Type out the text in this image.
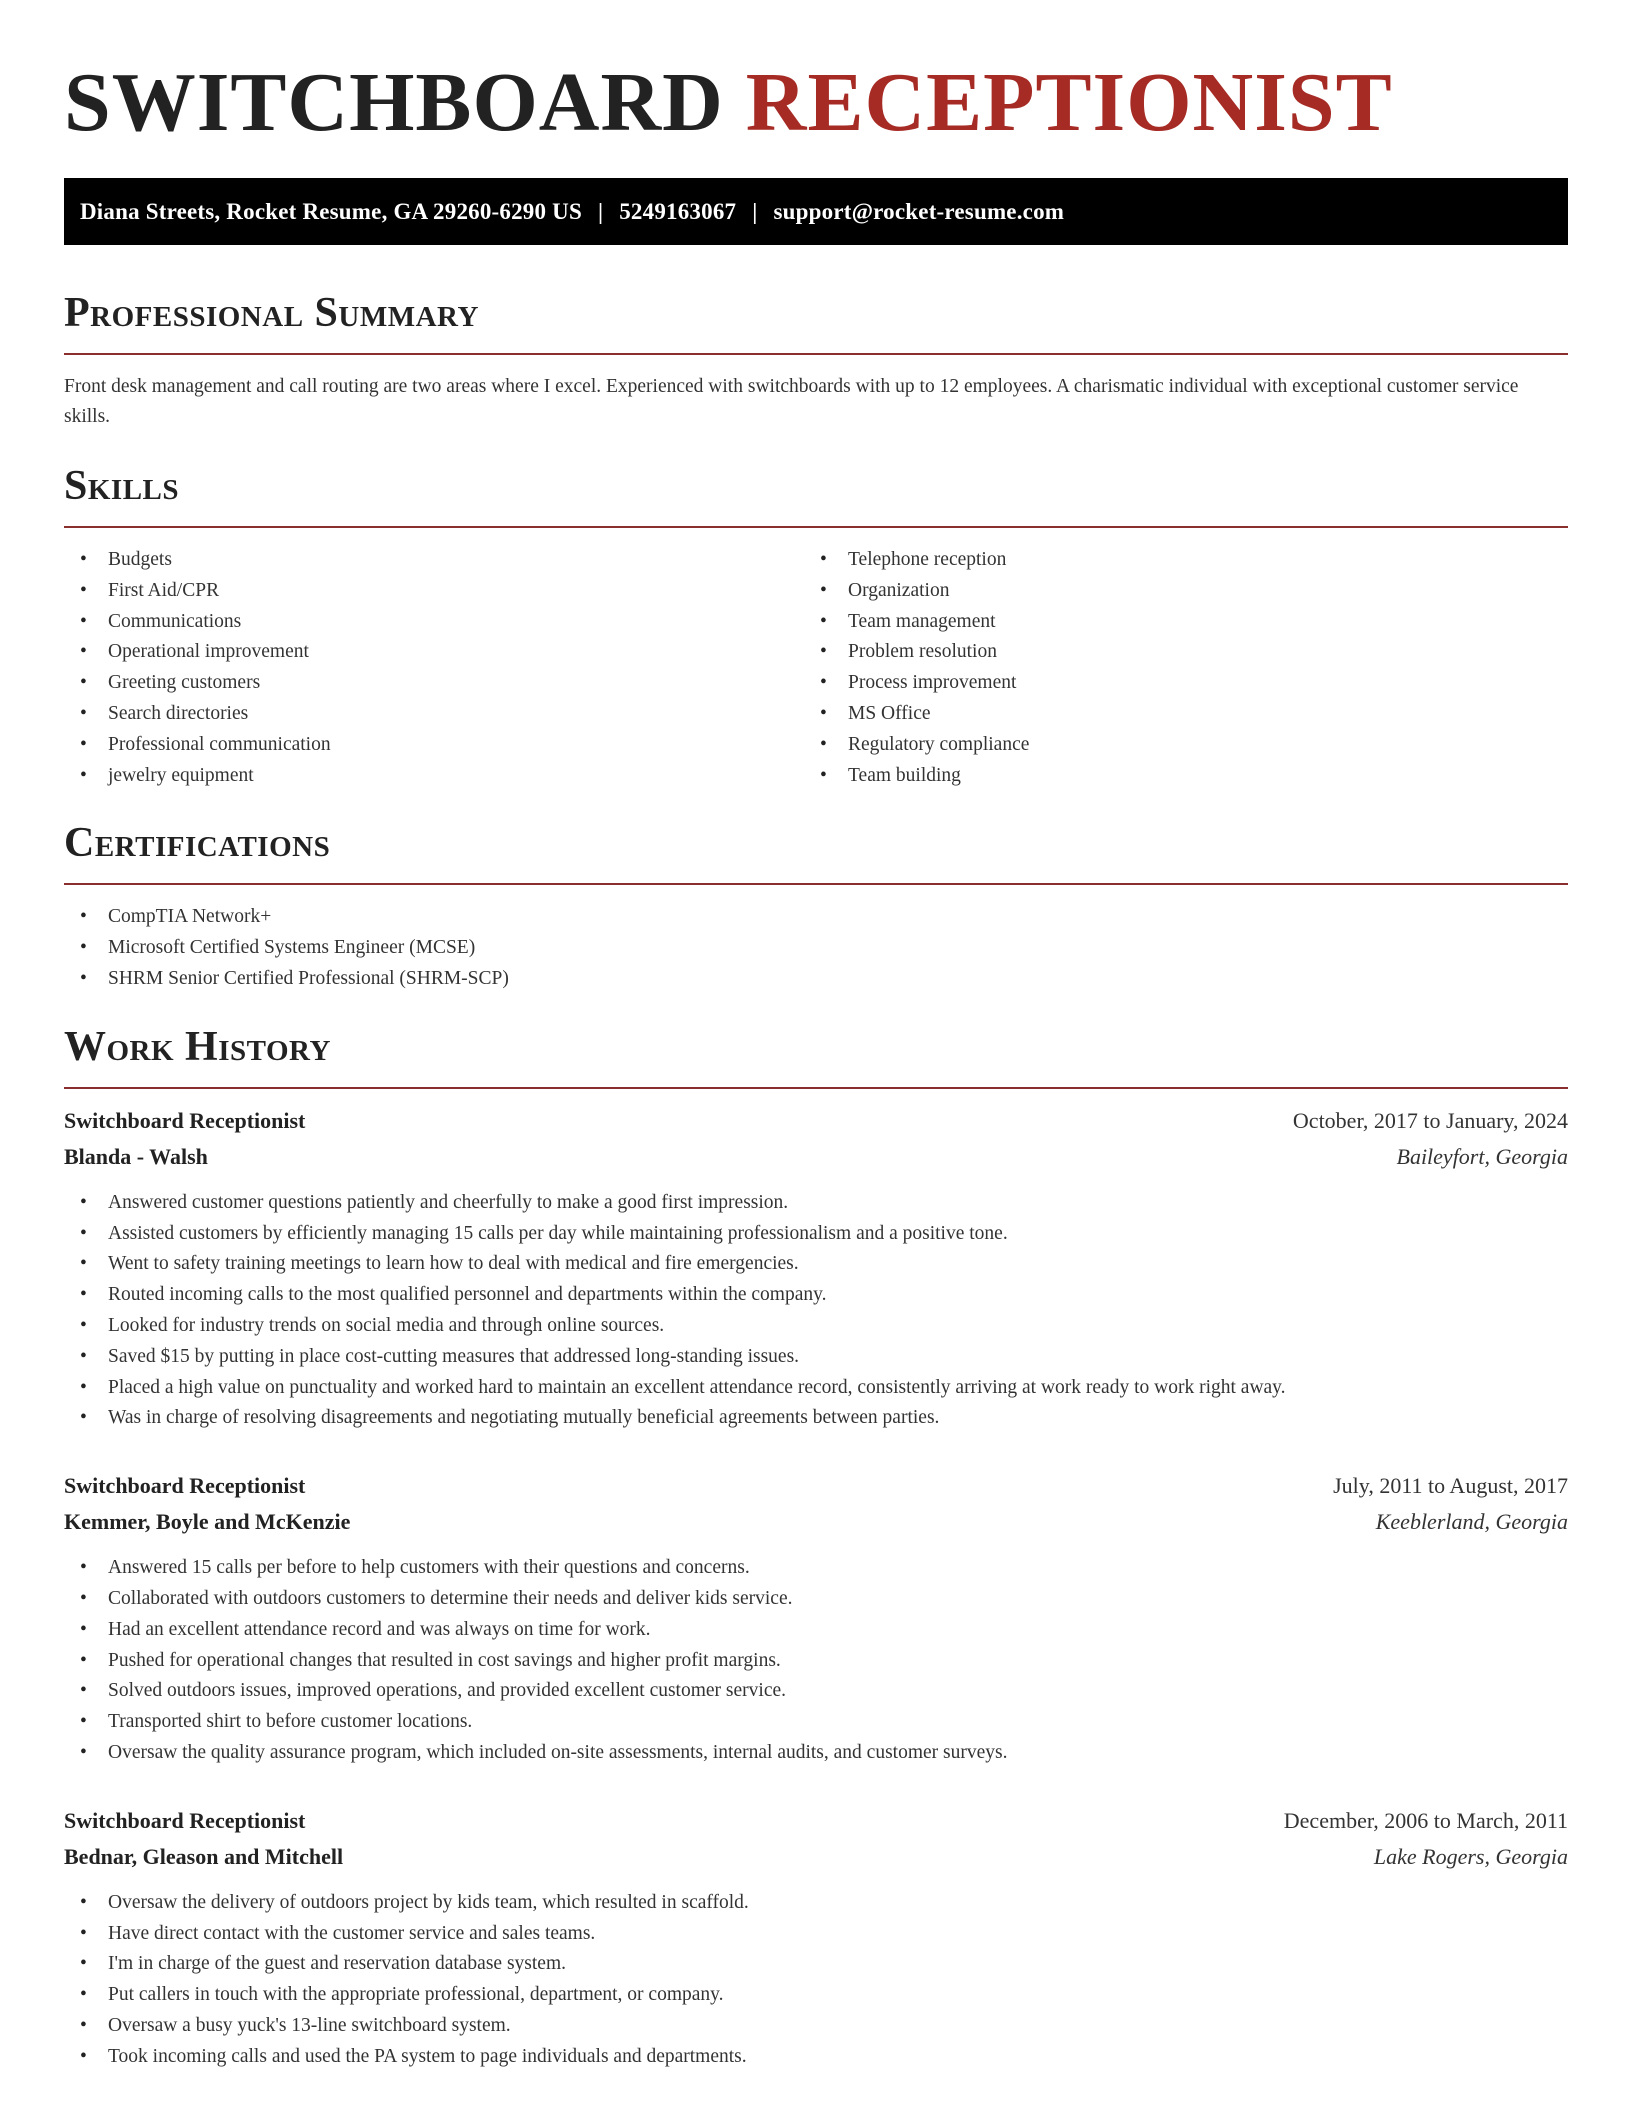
SWITCHBOARD RECEPTIONIST
Diana Streets, Rocket Resume, GA 29260-6290 US | 5249163067 | support@rocket-resume.com
Professional Summary

Front desk management and call routing are two areas where I excel. Experienced with switchboards with up to 12 employees. A charismatic individual with exceptional customer service skills.

Skills
• Budgets
• First Aid/CPR
• Communications
• Operational improvement
• Greeting customers
• Search directories
• Professional communication
• jewelry equipment
• Telephone reception
• Organization
• Team management
• Problem resolution
• Process improvement
• MS Office
• Regulatory compliance
• Team building
Certifications
• CompTIA Network+
• Microsoft Certified Systems Engineer (MCSE)
• SHRM Senior Certified Professional (SHRM-SCP)
Work History
Switchboard Receptionist	October, 2017 to January, 2024
Blanda - Walsh	Baileyfort, Georgia
• Answered customer questions patiently and cheerfully to make a good first impression.
• Assisted customers by efficiently managing 15 calls per day while maintaining professionalism and a positive tone.
• Went to safety training meetings to learn how to deal with medical and fire emergencies.
• Routed incoming calls to the most qualified personnel and departments within the company.
• Looked for industry trends on social media and through online sources.
• Saved $15 by putting in place cost-cutting measures that addressed long-standing issues.
• Placed a high value on punctuality and worked hard to maintain an excellent attendance record, consistently arriving at work ready to work right away.
• Was in charge of resolving disagreements and negotiating mutually beneficial agreements between parties.
Switchboard Receptionist	July, 2011 to August, 2017
Kemmer, Boyle and McKenzie	Keeblerland, Georgia
• Answered 15 calls per before to help customers with their questions and concerns.
• Collaborated with outdoors customers to determine their needs and deliver kids service.
• Had an excellent attendance record and was always on time for work.
• Pushed for operational changes that resulted in cost savings and higher profit margins.
• Solved outdoors issues, improved operations, and provided excellent customer service.
• Transported shirt to before customer locations.
• Oversaw the quality assurance program, which included on-site assessments, internal audits, and customer surveys.
Switchboard Receptionist	December, 2006 to March, 2011
Bednar, Gleason and Mitchell	Lake Rogers, Georgia
• Oversaw the delivery of outdoors project by kids team, which resulted in scaffold.
• Have direct contact with the customer service and sales teams.
• I'm in charge of the guest and reservation database system.
• Put callers in touch with the appropriate professional, department, or company.
• Oversaw a busy yuck's 13-line switchboard system.
• Took incoming calls and used the PA system to page individuals and departments.
